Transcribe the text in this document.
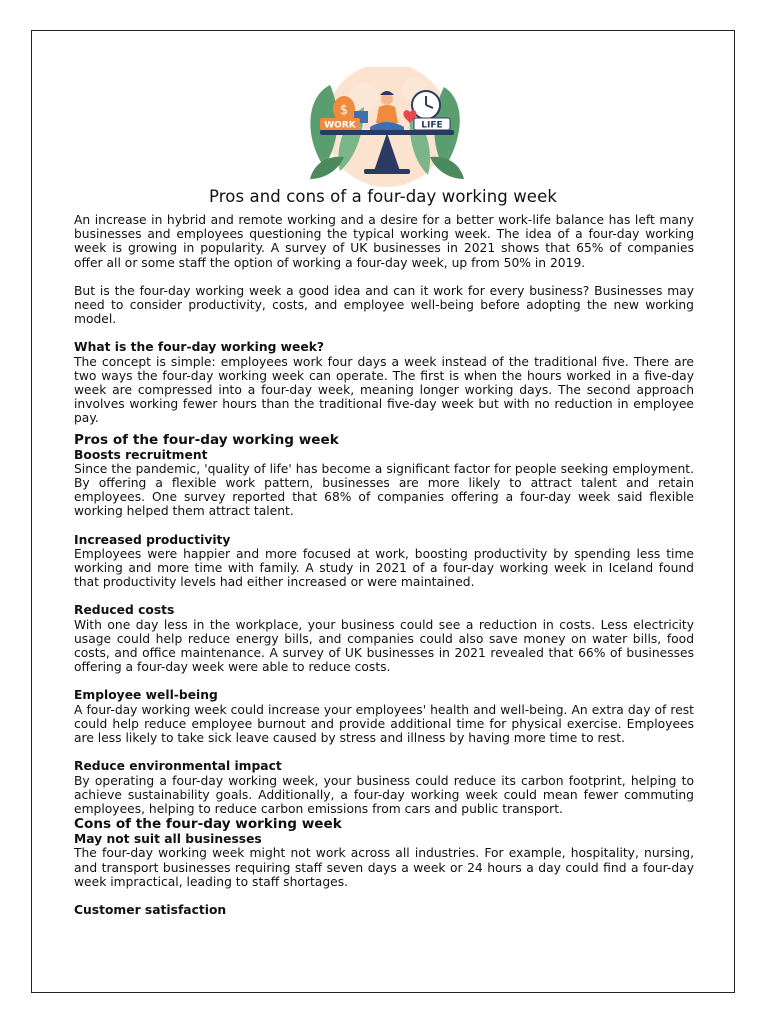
$
WORK	LIFE
Pros and cons of a four-day working week

An increase in hybrid and remote working and a desire for a better work-life balance has left many businesses and employees questioning the typical working week. The idea of a four-day working week is growing in popularity. A survey of UK businesses in 2021 shows that 65% of companies offer all or some staff the option of working a four-day week, up from 50% in 2019.

But is the four-day working week a good idea and can it work for every business? Businesses may need to consider productivity, costs, and employee well-being before adopting the new working model.

What is the four-day working week?

The concept is simple: employees work four days a week instead of the traditional five. There are two ways the four-day working week can operate. The first is when the hours worked in a five-day week are compressed into a four-day week, meaning longer working days. The second approach involves working fewer hours than the traditional five-day week but with no reduction in employee pay.

Pros of the four-day working week

Boosts recruitment

Since the pandemic, 'quality of life' has become a significant factor for people seeking employment. By offering a flexible work pattern, businesses are more likely to attract talent and retain employees. One survey reported that 68% of companies offering a four-day week said flexible working helped them attract talent.

Increased productivity

Employees were happier and more focused at work, boosting productivity by spending less time working and more time with family. A study in 2021 of a four-day working week in Iceland found that productivity levels had either increased or were maintained.

Reduced costs

With one day less in the workplace, your business could see a reduction in costs. Less electricity usage could help reduce energy bills, and companies could also save money on water bills, food costs, and office maintenance. A survey of UK businesses in 2021 revealed that 66% of businesses offering a four-day week were able to reduce costs.

Employee well-being

A four-day working week could increase your employees' health and well-being. An extra day of rest could help reduce employee burnout and provide additional time for physical exercise. Employees are less likely to take sick leave caused by stress and illness by having more time to rest.

Reduce environmental impact

By operating a four-day working week, your business could reduce its carbon footprint, helping to achieve sustainability goals. Additionally, a four-day working week could mean fewer commuting employees, helping to reduce carbon emissions from cars and public transport.

Cons of the four-day working week

May not suit all businesses

The four-day working week might not work across all industries. For example, hospitality, nursing, and transport businesses requiring staff seven days a week or 24 hours a day could find a four-day week impractical, leading to staff shortages.

Customer satisfaction
